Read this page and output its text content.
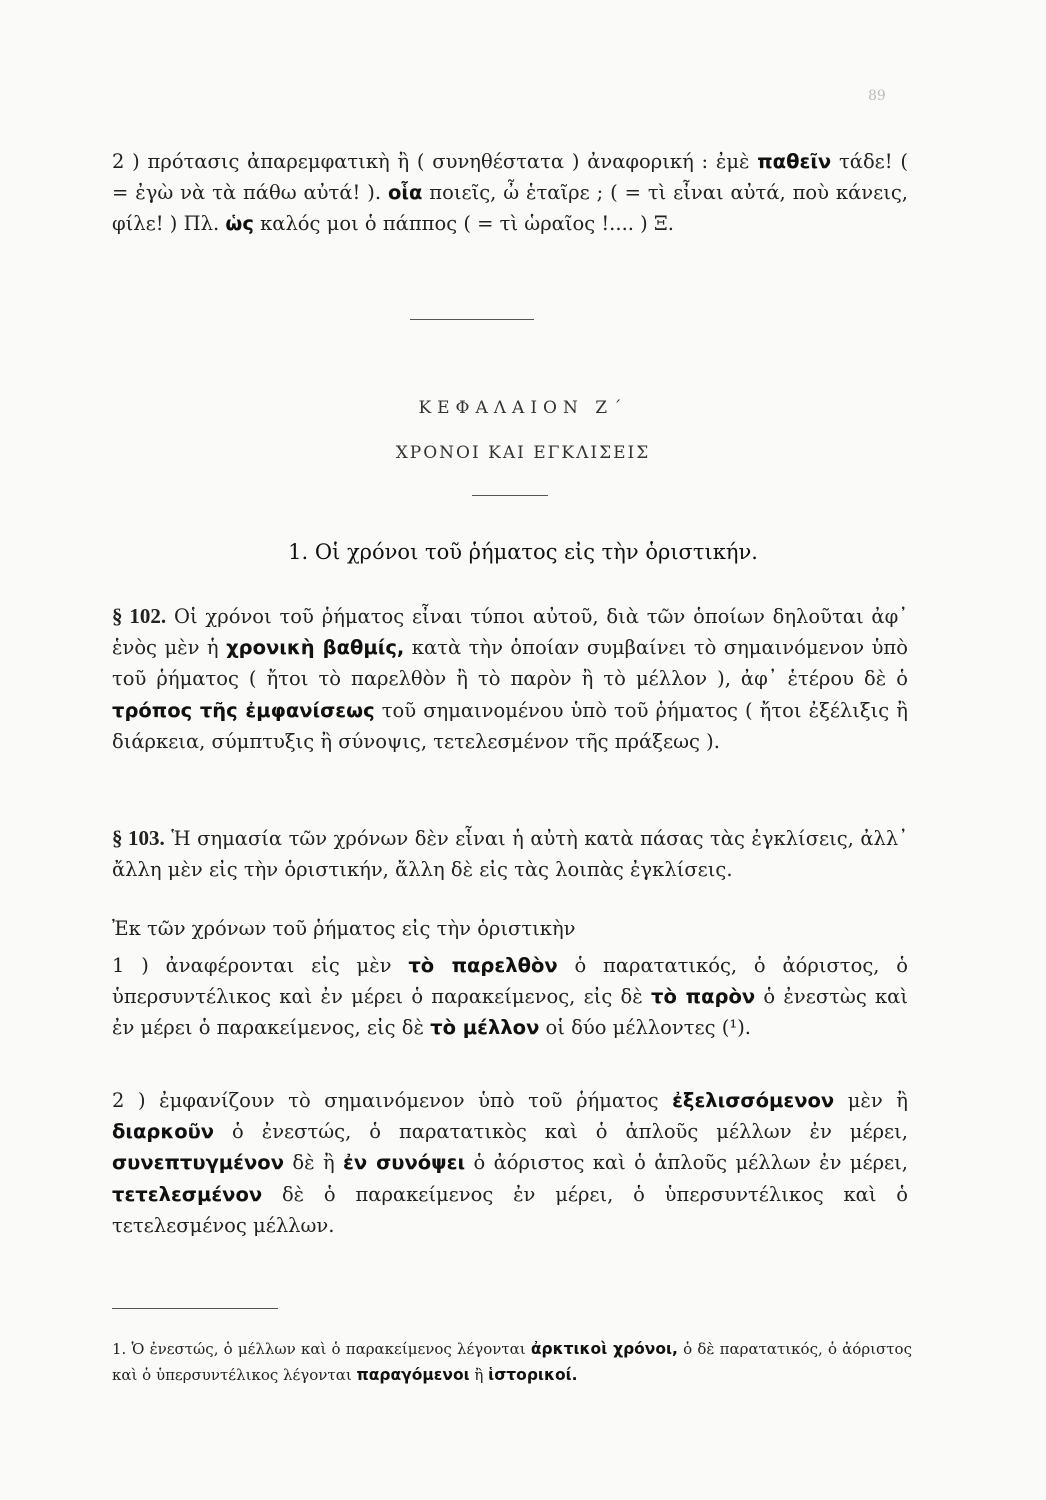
89
2 ) πρότασις ἀπαρεμφατικὴ ἢ ( συνηθέστατα ) ἀναφορική : ἐμὲ παθεῖν τάδε! ( = ἐγὼ νὰ τὰ πάθω αὐτά! ). οἷα ποιεῖς, ὦ ἑταῖρε ; ( = τὶ εἶναι αὐτά, ποὺ κάνεις, φίλε! ) Πλ. ὡς καλός μοι ὁ πάππος ( = τὶ ὡραῖος !.... ) Ξ.
ΚΕΦΑΛΑΙΟΝ Ζ΄
ΧΡΟΝΟΙ ΚΑΙ ΕΓΚΛΙΣΕΙΣ
1. Οἱ χρόνοι τοῦ ῥήματος εἰς τὴν ὁριστικήν.
§ 102. Οἱ χρόνοι τοῦ ῥήματος εἶναι τύποι αὐτοῦ, διὰ τῶν ὁποίων δηλοῦται ἀφ᾽ ἑνὸς μὲν ἡ χρονικὴ βαθμίς, κατὰ τὴν ὁποίαν συμβαίνει τὸ σημαινόμενον ὑπὸ τοῦ ῥήματος ( ἤτοι τὸ παρελθὸν ἢ τὸ παρὸν ἢ τὸ μέλλον ), ἀφ᾽ ἑτέρου δὲ ὁ τρόπος τῆς ἐμφανίσεως τοῦ σημαινομένου ὑπὸ τοῦ ῥήματος ( ἤτοι ἐξέλιξις ἢ διάρκεια, σύμπτυξις ἢ σύνοψις, τετελεσμένον τῆς πράξεως ).
§ 103. Ἡ σημασία τῶν χρόνων δὲν εἶναι ἡ αὐτὴ κατὰ πάσας τὰς ἐγκλίσεις, ἀλλ᾽ ἄλλη μὲν εἰς τὴν ὁριστικήν, ἄλλη δὲ εἰς τὰς λοιπὰς ἐγκλίσεις.
Ἐκ τῶν χρόνων τοῦ ῥήματος εἰς τὴν ὁριστικὴν
1 ) ἀναφέρονται εἰς μὲν τὸ παρελθὸν ὁ παρατατικός, ὁ ἀόριστος, ὁ ὑπερσυντέλικος καὶ ἐν μέρει ὁ παρακείμενος, εἰς δὲ τὸ παρὸν ὁ ἐνεστὼς καὶ ἐν μέρει ὁ παρακείμενος, εἰς δὲ τὸ μέλλον οἱ δύο μέλλοντες (¹).
2 ) ἐμφανίζουν τὸ σημαινόμενον ὑπὸ τοῦ ῥήματος ἐξελισσόμενον μὲν ἢ διαρκοῦν ὁ ἐνεστώς, ὁ παρατατικὸς καὶ ὁ ἁπλοῦς μέλλων ἐν μέρει, συνεπτυγμένον δὲ ἢ ἐν συνόψει ὁ ἀόριστος καὶ ὁ ἁπλοῦς μέλλων ἐν μέρει, τετελεσμένον δὲ ὁ παρακείμενος ἐν μέρει, ὁ ὑπερσυντέλικος καὶ ὁ τετελεσμένος μέλλων.
1. Ὁ ἐνεστώς, ὁ μέλλων καὶ ὁ παρακείμενος λέγονται ἀρκτικοὶ χρόνοι, ὁ δὲ παρατατικός, ὁ ἀόριστος καὶ ὁ ὑπερσυντέλικος λέγονται παραγόμενοι ἢ ἱστορικοί.
